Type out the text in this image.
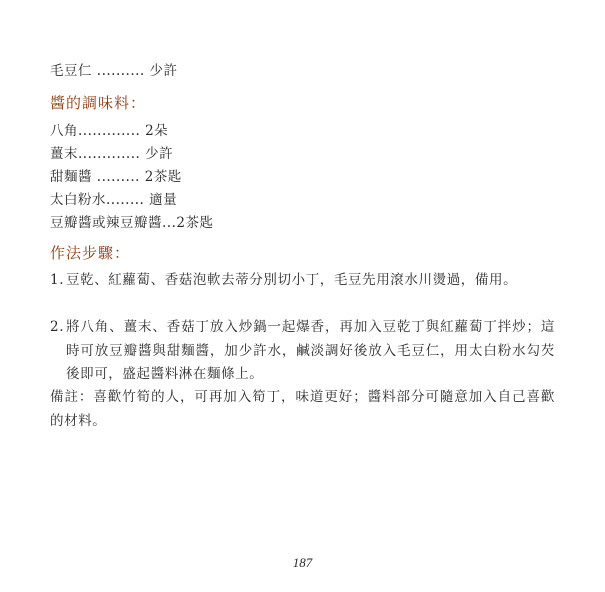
毛豆仁 .......... 少許
醬的調味料：
八角............. 2朵
薑末............. 少許
甜麵醬 ......... 2茶匙
太白粉水........ 適量
豆瓣醬或辣豆瓣醬...2茶匙
作法步驟：
1. 豆乾、紅蘿蔔、香菇泡軟去蒂分別切小丁，毛豆先用滾水川燙過，備用。
2. 將八角、薑末、香菇丁放入炒鍋一起爆香，再加入豆乾丁與紅蘿蔔丁拌炒；這時可放豆瓣醬與甜麵醬，加少許水，鹹淡調好後放入毛豆仁，用太白粉水勾芡後即可，盛起醬料淋在麵條上。
備註：喜歡竹筍的人，可再加入筍丁，味道更好；醬料部分可隨意加入自己喜歡的材料。
187
